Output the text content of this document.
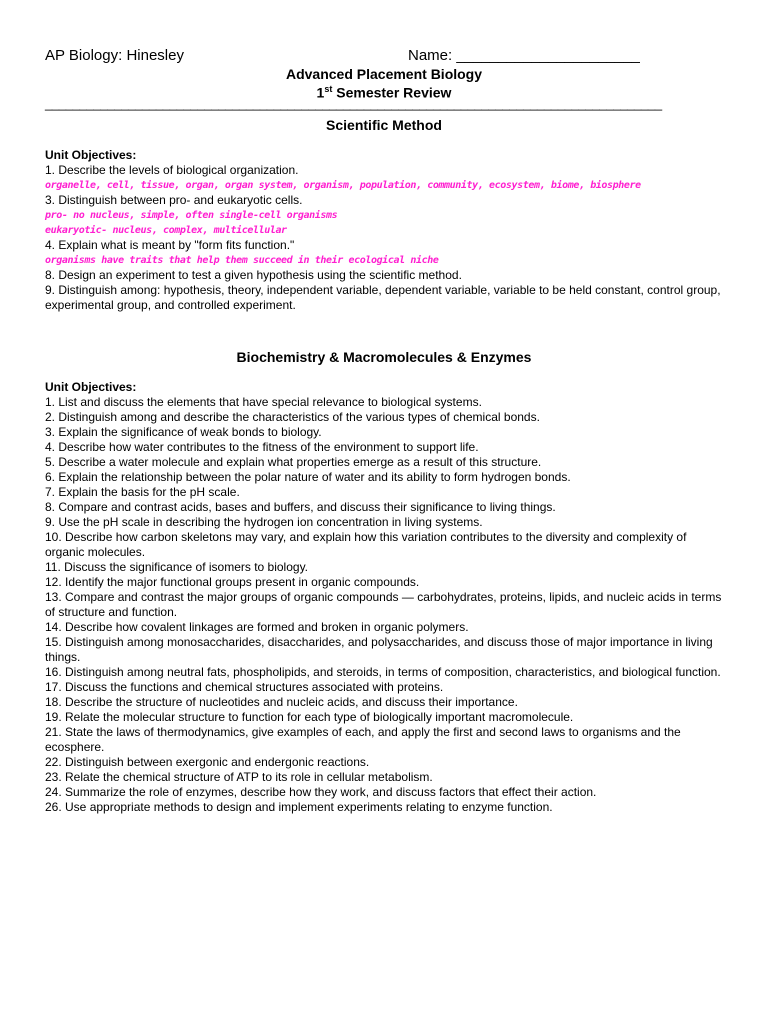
AP Biology: Hinesley	Name: ______________________
Advanced Placement Biology
1st Semester Review
_________________________________________________________________________________________
Scientific Method
Unit Objectives:
1. Describe the levels of biological organization.
organelle, cell, tissue, organ, organ system, organism, population, community, ecosystem, biome, biosphere
3. Distinguish between pro- and eukaryotic cells.
pro- no nucleus, simple, often single-cell organisms
eukaryotic- nucleus, complex, multicellular
4. Explain what is meant by "form fits function."
organisms have traits that help them succeed in their ecological niche
8. Design an experiment to test a given hypothesis using the scientific method.
9. Distinguish among: hypothesis, theory, independent variable, dependent variable, variable to be held constant, control group, experimental group, and controlled experiment.
Biochemistry & Macromolecules & Enzymes
Unit Objectives:
1. List and discuss the elements that have special relevance to biological systems.
2. Distinguish among and describe the characteristics of the various types of chemical bonds.
3. Explain the significance of weak bonds to biology.
4. Describe how water contributes to the fitness of the environment to support life.
5. Describe a water molecule and explain what properties emerge as a result of this structure.
6. Explain the relationship between the polar nature of water and its ability to form hydrogen bonds.
7. Explain the basis for the pH scale.
8. Compare and contrast acids, bases and buffers, and discuss their significance to living things.
9. Use the pH scale in describing the hydrogen ion concentration in living systems.
10. Describe how carbon skeletons may vary, and explain how this variation contributes to the diversity and complexity of organic molecules.
11. Discuss the significance of isomers to biology.
12. Identify the major functional groups present in organic compounds.
13. Compare and contrast the major groups of organic compounds — carbohydrates, proteins, lipids, and nucleic acids in terms of structure and function.
14. Describe how covalent linkages are formed and broken in organic polymers.
15. Distinguish among monosaccharides, disaccharides, and polysaccharides, and discuss those of major importance in living things.
16. Distinguish among neutral fats, phospholipids, and steroids, in terms of composition, characteristics, and biological function.
17. Discuss the functions and chemical structures associated with proteins.
18. Describe the structure of nucleotides and nucleic acids, and discuss their importance.
19. Relate the molecular structure to function for each type of biologically important macromolecule.
21. State the laws of thermodynamics, give examples of each, and apply the first and second laws to organisms and the ecosphere.
22. Distinguish between exergonic and endergonic reactions.
23. Relate the chemical structure of ATP to its role in cellular metabolism.
24. Summarize the role of enzymes, describe how they work, and discuss factors that effect their action.
26. Use appropriate methods to design and implement experiments relating to enzyme function.
